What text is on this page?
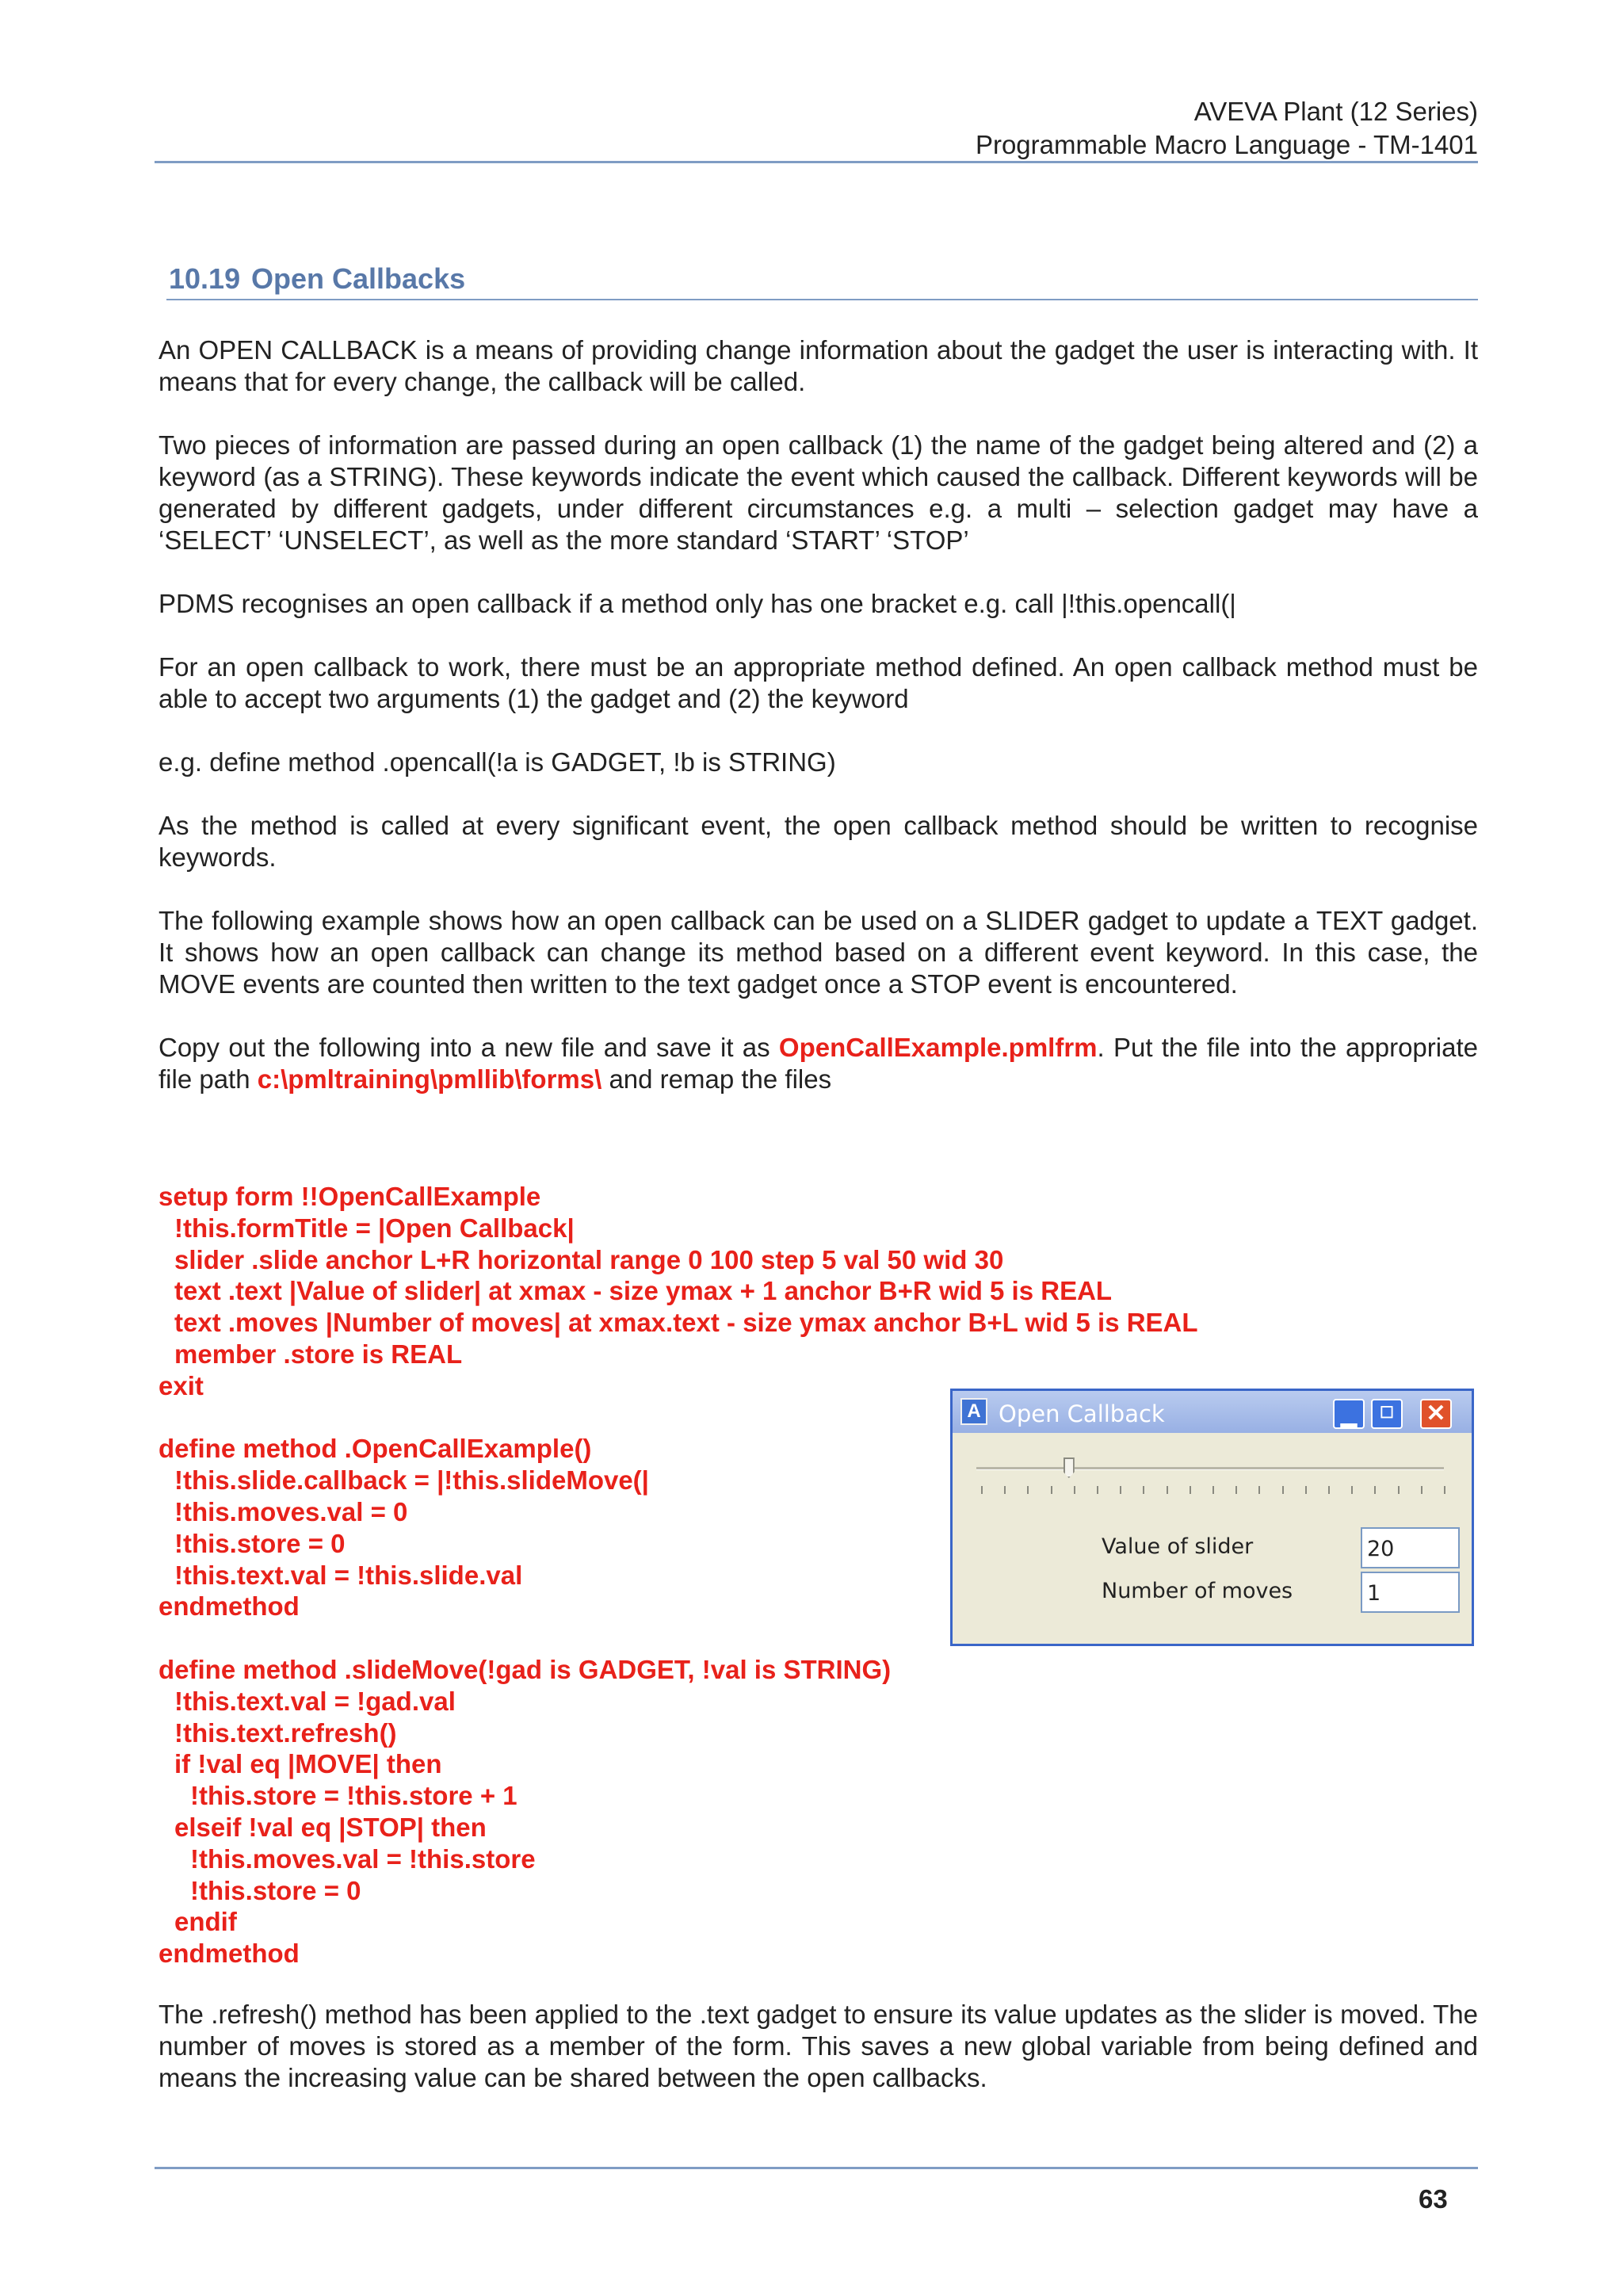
AVEVA Plant (12 Series)
Programmable Macro Language - TM-1401
10.19 Open Callbacks
An OPEN CALLBACK is a means of providing change information about the gadget the user is interacting with. It means that for every change, the callback will be called.
Two pieces of information are passed during an open callback (1) the name of the gadget being altered and (2) a keyword (as a STRING). These keywords indicate the event which caused the callback. Different keywords will be generated by different gadgets, under different circumstances e.g. a multi – selection gadget may have a ‘SELECT’ ‘UNSELECT’, as well as the more standard ‘START’ ‘STOP’
PDMS recognises an open callback if a method only has one bracket e.g. call |!this.opencall(|
For an open callback to work, there must be an appropriate method defined. An open callback method must be able to accept two arguments (1) the gadget and (2) the keyword
e.g. define method .opencall(!a is GADGET, !b is STRING)
As the method is called at every significant event, the open callback method should be written to recognise keywords.
The following example shows how an open callback can be used on a SLIDER gadget to update a TEXT gadget. It shows how an open callback can change its method based on a different event keyword. In this case, the MOVE events are counted then written to the text gadget once a STOP event is encountered.
Copy out the following into a new file and save it as OpenCallExample.pmlfrm. Put the file into the appropriate file path c:\pmltraining\pmllib\forms\ and remap the files
setup form !!OpenCallExample
!this.formTitle = |Open Callback|
slider .slide anchor L+R horizontal range 0 100 step 5 val 50 wid 30
text .text |Value of slider| at xmax - size ymax + 1 anchor B+R wid 5 is REAL
text .moves |Number of moves| at xmax.text - size ymax anchor B+L wid 5 is REAL
member .store is REAL
exit
define method .OpenCallExample()
!this.slide.callback = |!this.slideMove(|
!this.moves.val = 0
!this.store = 0
!this.text.val = !this.slide.val
endmethod
define method .slideMove(!gad is GADGET, !val is STRING)
!this.text.val = !gad.val
!this.text.refresh()
if !val eq |MOVE| then
!this.store = !this.store + 1
elseif !val eq |STOP| then
!this.moves.val = !this.store
!this.store = 0
endif
endmethod
A Open Callback	▁	☐	✕
Value of slider	20
Number of moves	1
The .refresh() method has been applied to the .text gadget to ensure its value updates as the slider is moved. The number of moves is stored as a member of the form. This saves a new global variable from being defined and means the increasing value can be shared between the open callbacks.
63
